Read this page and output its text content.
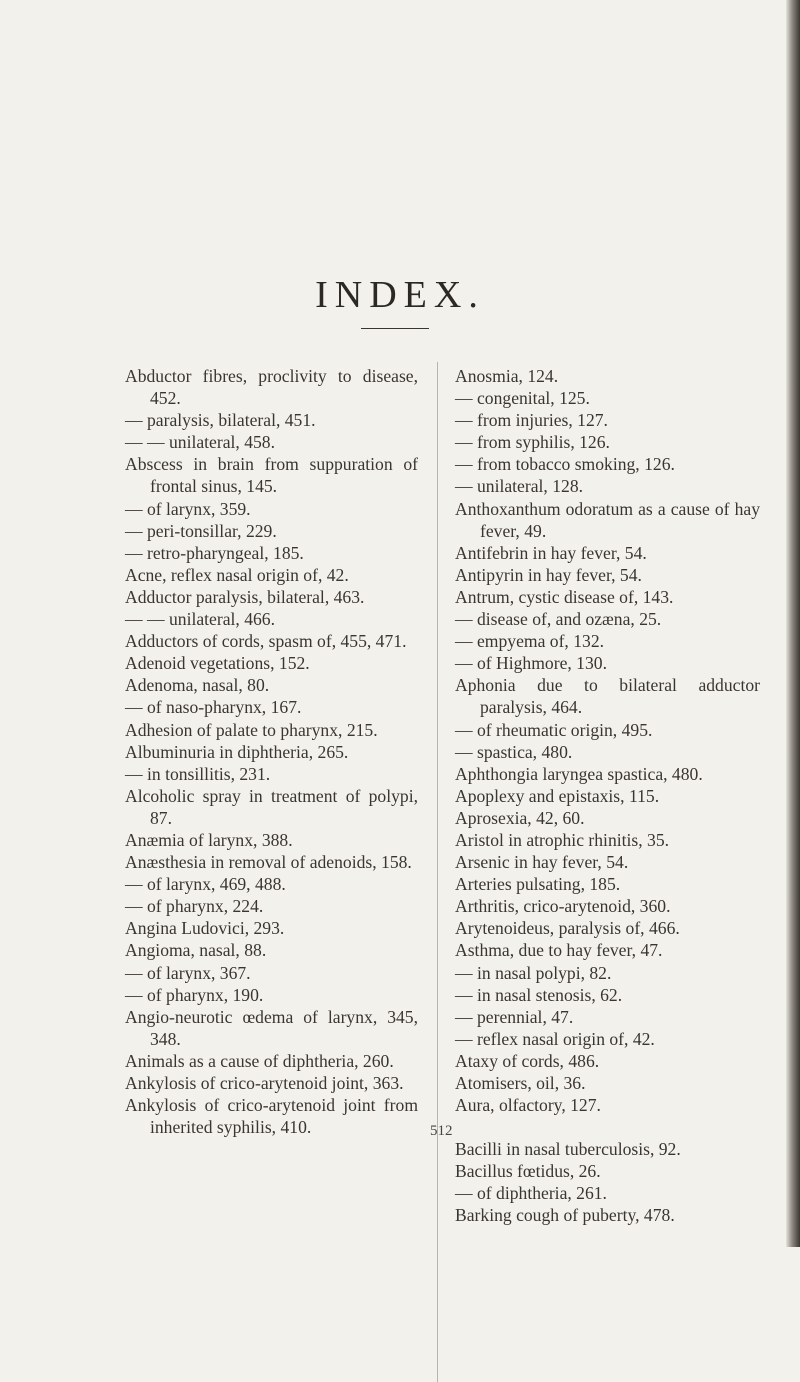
INDEX.
Abductor fibres, proclivity to disease, 452.
— paralysis, bilateral, 451.
— — unilateral, 458.
Abscess in brain from suppuration of frontal sinus, 145.
— of larynx, 359.
— peri-tonsillar, 229.
— retro-pharyngeal, 185.
Acne, reflex nasal origin of, 42.
Adductor paralysis, bilateral, 463.
— — unilateral, 466.
Adductors of cords, spasm of, 455, 471.
Adenoid vegetations, 152.
Adenoma, nasal, 80.
— of naso-pharynx, 167.
Adhesion of palate to pharynx, 215.
Albuminuria in diphtheria, 265.
— in tonsillitis, 231.
Alcoholic spray in treatment of polypi, 87.
Anæmia of larynx, 388.
Anæsthesia in removal of adenoids, 158.
— of larynx, 469, 488.
— of pharynx, 224.
Angina Ludovici, 293.
Angioma, nasal, 88.
— of larynx, 367.
— of pharynx, 190.
Angio-neurotic œdema of larynx, 345, 348.
Animals as a cause of diphtheria, 260.
Ankylosis of crico-arytenoid joint, 363.
Ankylosis of crico-arytenoid joint from inherited syphilis, 410.
Anosmia, 124.
— congenital, 125.
— from injuries, 127.
— from syphilis, 126.
— from tobacco smoking, 126.
— unilateral, 128.
Anthoxanthum odoratum as a cause of hay fever, 49.
Antifebrin in hay fever, 54.
Antipyrin in hay fever, 54.
Antrum, cystic disease of, 143.
— disease of, and ozæna, 25.
— empyema of, 132.
— of Highmore, 130.
Aphonia due to bilateral adductor paralysis, 464.
— of rheumatic origin, 495.
— spastica, 480.
Aphthongia laryngea spastica, 480.
Apoplexy and epistaxis, 115.
Aprosexia, 42, 60.
Aristol in atrophic rhinitis, 35.
Arsenic in hay fever, 54.
Arteries pulsating, 185.
Arthritis, crico-arytenoid, 360.
Arytenoideus, paralysis of, 466.
Asthma, due to hay fever, 47.
— in nasal polypi, 82.
— in nasal stenosis, 62.
— perennial, 47.
— reflex nasal origin of, 42.
Ataxy of cords, 486.
Atomisers, oil, 36.
Aura, olfactory, 127.
Bacilli in nasal tuberculosis, 92.
Bacillus fœtidus, 26.
— of diphtheria, 261.
Barking cough of puberty, 478.
512
